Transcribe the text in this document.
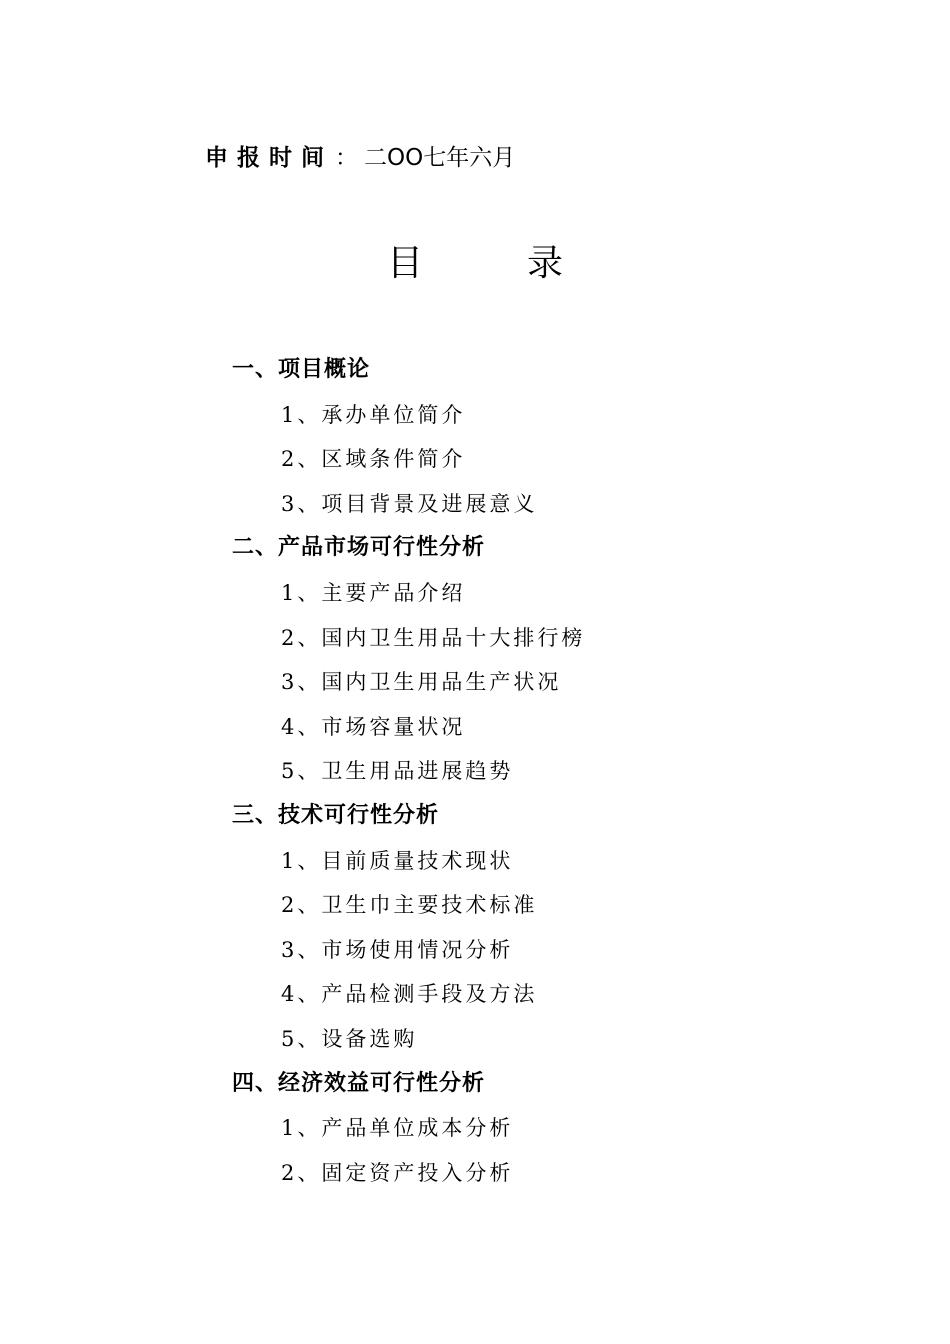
申报时间： 二OO七年六月
目	录
一、项目概论
1、承办单位简介
2、区域条件简介
3、项目背景及进展意义
二、产品市场可行性分析
1、主要产品介绍
2、国内卫生用品十大排行榜
3、国内卫生用品生产状况
4、市场容量状况
5、卫生用品进展趋势
三、技术可行性分析
1、目前质量技术现状
2、卫生巾主要技术标准
3、市场使用情况分析
4、产品检测手段及方法
5、设备选购
四、经济效益可行性分析
1、产品单位成本分析
2、固定资产投入分析
